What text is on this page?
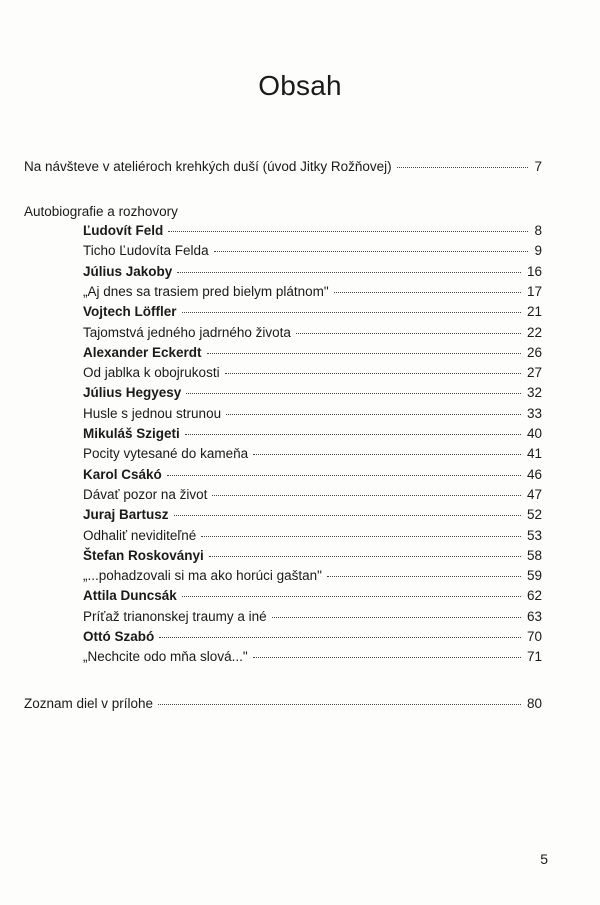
Obsah
Na návšteve v ateliéroch krehkých duší (úvod Jitky Rožňovej)	7
Autobiografie a rozhovory
Ľudovít Feld	8
Ticho Ľudovíta Felda	9
Július Jakoby	16
„Aj dnes sa trasiem pred bielym plátnom"	17
Vojtech Löffler	21
Tajomstvá jedného jadrného života	22
Alexander Eckerdt	26
Od jablka k obojrukosti	27
Július Hegyesy	32
Husle s jednou strunou	33
Mikuláš Szigeti	40
Pocity vytesané do kameňa	41
Karol Csákó	46
Dávať pozor na život	47
Juraj Bartusz	52
Odhaliť neviditeľné	53
Štefan Roskoványi	58
„...pohadzovali si ma ako horúci gaštan"	59
Attila Duncsák	62
Príťaž trianonskej traumy a iné	63
Ottó Szabó	70
„Nechcite odo mňa slová..."	71
Zoznam diel v prílohe	80
5
